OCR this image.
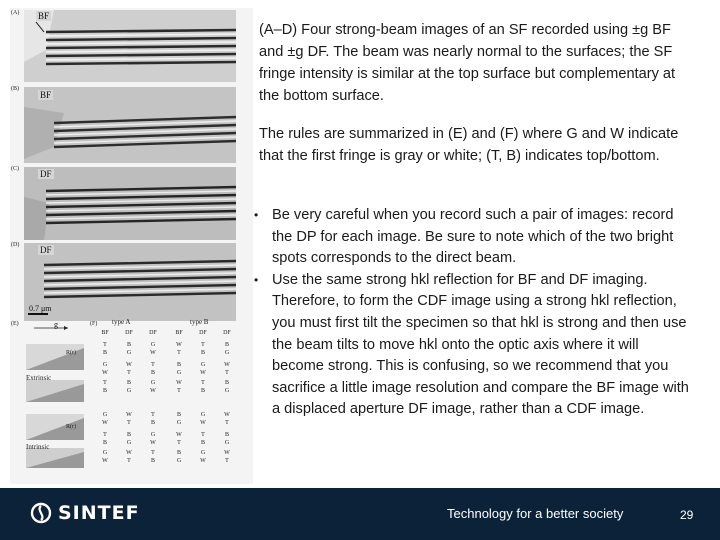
(A)
(B)
(C)
(D)
(E)	(F)
BF
BF
DF
DF
0.7 μm
g
R(r)
Extrinsic
R(r)
Intrinsic
type A	type B
BF	DF	DF	BF	DF	DF
T	B	G	W	T	B
B	G	W	T	B	G
G	W	T	B	G	W
W	T	B	G	W	T
T	B	G	W	T	B
B	G	W	T	B	G
G	W	T	B	G	W
W	T	B	G	W	T
T	B	G	W	T	B
B	G	W	T	B	G
G	W	T	B	G	W
W	T	B	G	W	T

(A–D) Four strong-beam images of an SF recorded using ±g BF and ±g DF. The beam was nearly normal to the surfaces; the SF fringe intensity is similar at the top surface but complementary at the bottom surface.

The rules are summarized in (E) and (F) where G and W indicate that the first fringe is gray or white; (T, B) indicates top/bottom.

• Be very careful when you record such a pair of images: record the DP for each image. Be sure to note which of the two bright spots corresponds to the direct beam.
• Use the same strong hkl reflection for BF and DF imaging. Therefore, to form the CDF image using a strong hkl reflection, you must first tilt the specimen so that hkl is strong and then use the beam tilts to move hkl onto the optic axis where it will become strong. This is confusing, so we recommend that you sacrifice a little image resolution and compare the BF image with a displaced aperture DF image, rather than a CDF image.
SINTEF	Technology for a better society	29
